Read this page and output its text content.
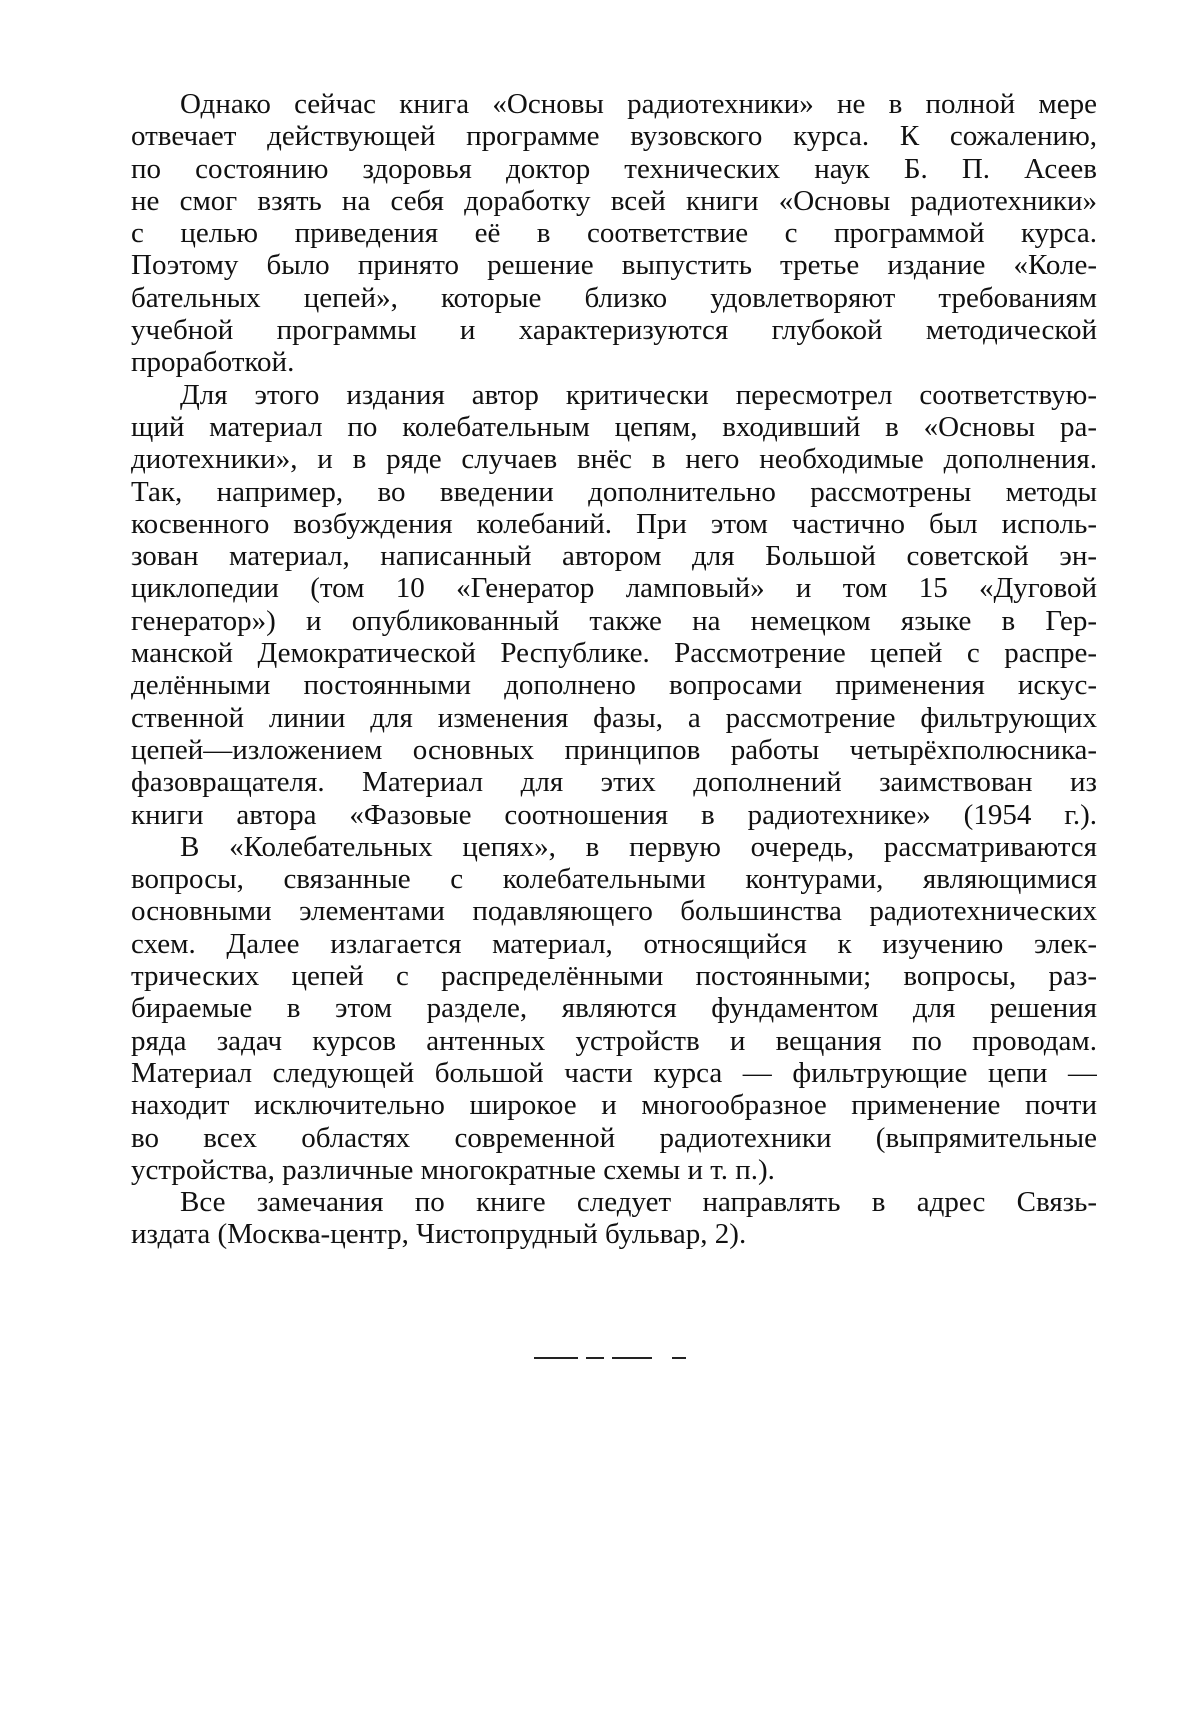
Однако сейчас книга «Основы радиотехники» не в полной мере
отвечает действующей программе вузовского курса. К сожалению,
по состоянию здоровья доктор технических наук Б. П. Асеев
не смог взять на себя доработку всей книги «Основы радиотехники»
с целью приведения её в соответствие с программой курса.
Поэтому было принято решение выпустить третье издание «Коле-
бательных цепей», которые близко удовлетворяют требованиям
учебной программы и характеризуются глубокой методической
проработкой.
Для этого издания автор критически пересмотрел соответствую-
щий материал по колебательным цепям, входивший в «Основы ра-
диотехники», и в ряде случаев внёс в него необходимые дополнения.
Так, например, во введении дополнительно рассмотрены методы
косвенного возбуждения колебаний. При этом частично был исполь-
зован материал, написанный автором для Большой советской эн-
циклопедии (том 10 «Генератор ламповый» и том 15 «Дуговой
генератор») и опубликованный также на немецком языке в Гер-
манской Демократической Республике. Рассмотрение цепей с распре-
делёнными постоянными дополнено вопросами применения искус-
ственной линии для изменения фазы, а рассмотрение фильтрующих
цепей—изложением основных принципов работы четырёхполюсника-
фазовращателя. Материал для этих дополнений заимствован из
книги автора «Фазовые соотношения в радиотехнике» (1954 г.).
В «Колебательных цепях», в первую очередь, рассматриваются
вопросы, связанные с колебательными контурами, являющимися
основными элементами подавляющего большинства радиотехнических
схем. Далее излагается материал, относящийся к изучению элек-
трических цепей с распределёнными постоянными; вопросы, раз-
бираемые в этом разделе, являются фундаментом для решения
ряда задач курсов антенных устройств и вещания по проводам.
Материал следующей большой части курса — фильтрующие цепи —
находит исключительно широкое и многообразное применение почти
во всех областях современной радиотехники (выпрямительные
устройства, различные многократные схемы и т. п.).
Все замечания по книге следует направлять в адрес Связь-
издата (Москва-центр, Чистопрудный бульвар, 2).
